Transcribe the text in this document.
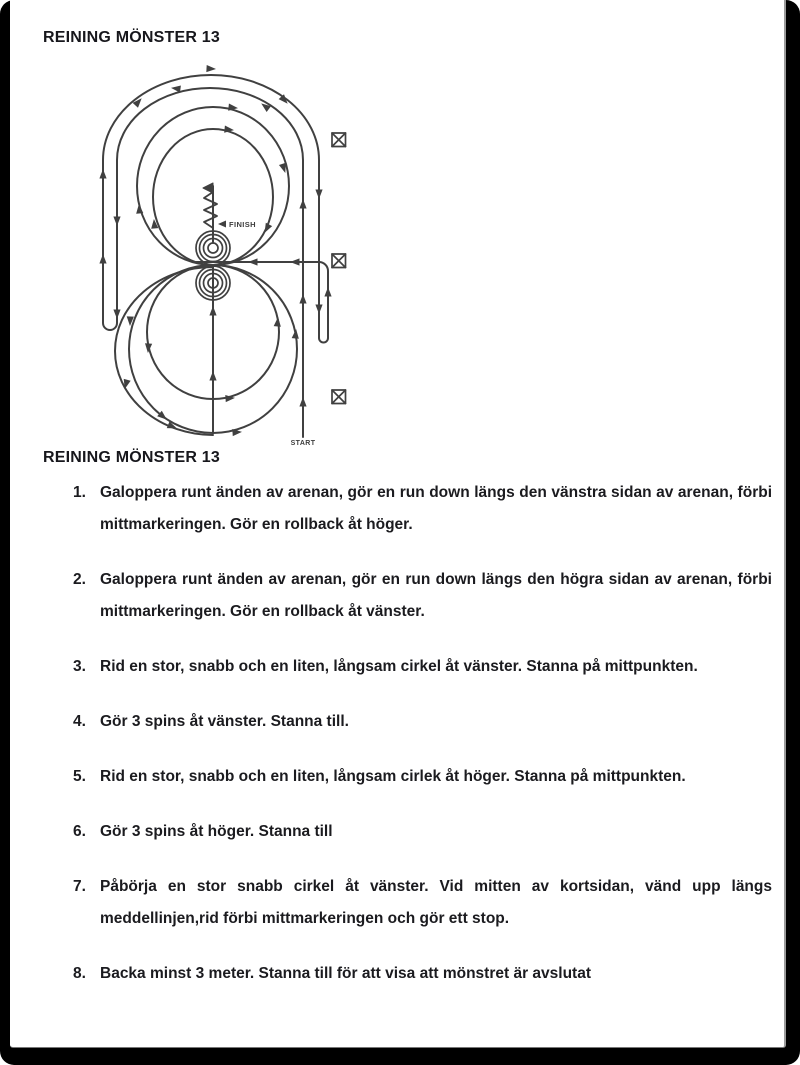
REINING MÖNSTER 13
FINISH
START
REINING MÖNSTER 13
1. Galoppera runt änden av arenan, gör en run down längs den vänstra sidan av arenan, förbi mittmarkeringen. Gör en rollback åt höger.
2. Galoppera runt änden av arenan, gör en run down längs den högra sidan av arenan, förbi mittmarkeringen. Gör en rollback åt vänster.
3. Rid en stor, snabb och en liten, långsam cirkel åt vänster. Stanna på mittpunkten.
4. Gör 3 spins åt vänster. Stanna till.
5. Rid en stor, snabb och en liten, långsam cirlek åt höger. Stanna på mittpunkten.
6. Gör 3 spins åt höger. Stanna till
7. Påbörja en stor snabb cirkel åt vänster. Vid mitten av kortsidan, vänd upp längs meddellinjen,rid förbi mittmarkeringen och gör ett stop.
8. Backa minst 3 meter. Stanna till för att visa att mönstret är avslutat
